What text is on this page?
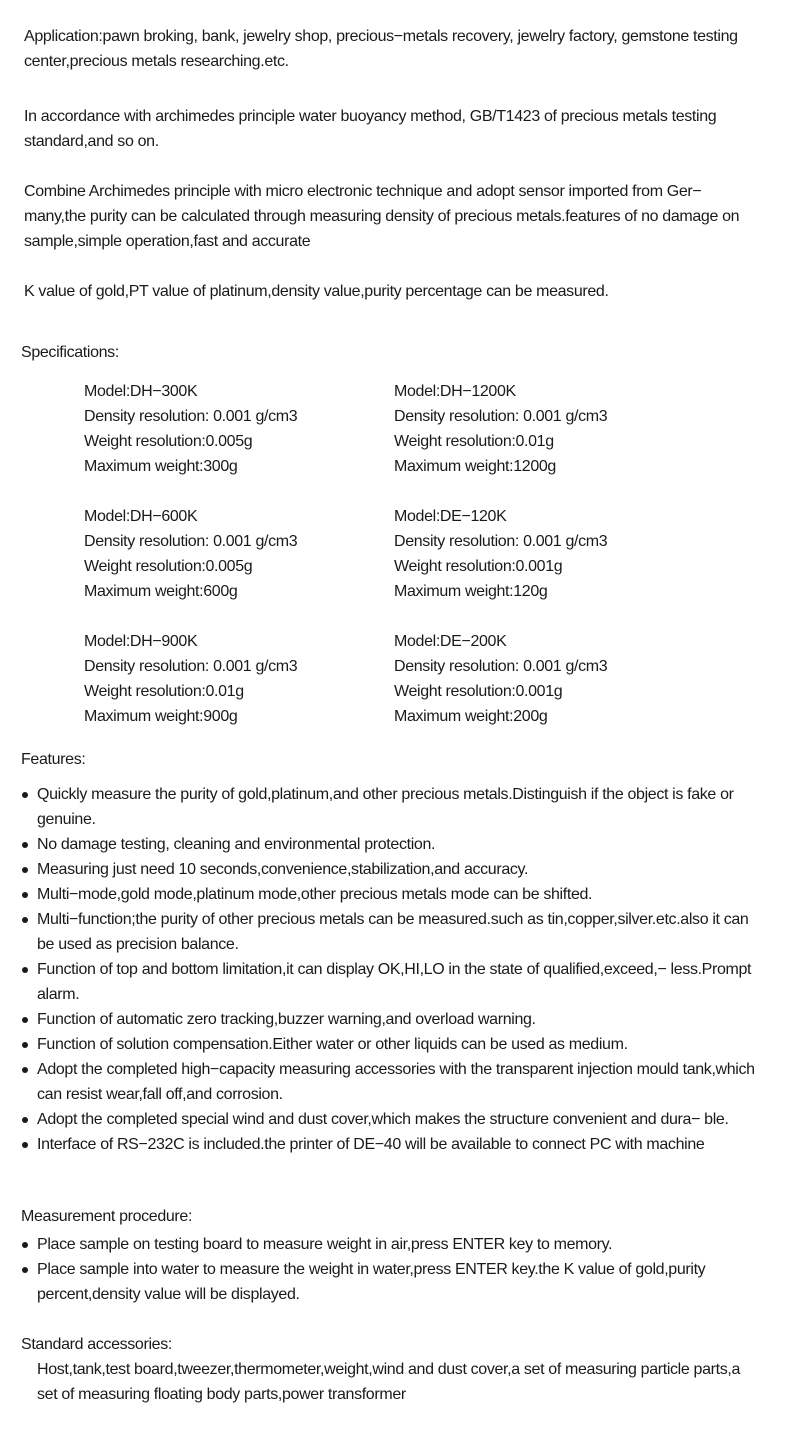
Application:pawn broking, bank, jewelry shop, precious−metals recovery, jewelry factory, gemstone testing center,precious metals researching.etc.
In accordance with archimedes principle water buoyancy method, GB/T1423 of precious metals testing standard,and so on.
Combine Archimedes principle with micro electronic technique and adopt sensor imported from Ger− many,the purity can be calculated through measuring density of precious metals.features of no damage on sample,simple operation,fast and accurate
K value of gold,PT value of platinum,density value,purity percentage can be measured.
Specifications:
Model:DH−300K
Density resolution: 0.001 g/cm3
Weight resolution:0.005g
Maximum weight:300g
Model:DH−1200K
Density resolution: 0.001 g/cm3
Weight resolution:0.01g
Maximum weight:1200g
Model:DH−600K
Density resolution: 0.001 g/cm3
Weight resolution:0.005g
Maximum weight:600g
Model:DE−120K
Density resolution: 0.001 g/cm3
Weight resolution:0.001g
Maximum weight:120g
Model:DH−900K
Density resolution: 0.001 g/cm3
Weight resolution:0.01g
Maximum weight:900g
Model:DE−200K
Density resolution: 0.001 g/cm3
Weight resolution:0.001g
Maximum weight:200g
Features:
Quickly measure the purity of gold,platinum,and other precious metals.Distinguish if the object is fake or genuine.
No damage testing, cleaning and environmental protection.
Measuring just need 10 seconds,convenience,stabilization,and accuracy.
Multi−mode,gold mode,platinum mode,other precious metals mode can be shifted.
Multi−function;the purity of other precious metals can be measured.such as tin,copper,silver.etc.also it can be used as precision balance.
Function of top and bottom limitation,it can display OK,HI,LO in the state of qualified,exceed,− less.Prompt alarm.
Function of automatic zero tracking,buzzer warning,and overload warning.
Function of solution compensation.Either water or other liquids can be used as medium.
Adopt the completed high−capacity measuring accessories with the transparent injection mould tank,which can resist wear,fall off,and corrosion.
Adopt the completed special wind and dust cover,which makes the structure convenient and dura− ble.
Interface of RS−232C is included.the printer of DE−40 will be available to connect PC with machine
Measurement procedure:
Place sample on testing board to measure weight in air,press ENTER key to memory.
Place sample into water to measure the weight in water,press ENTER key.the K value of gold,purity percent,density value will be displayed.
Standard accessories:
Host,tank,test board,tweezer,thermometer,weight,wind and dust cover,a set of measuring particle parts,a set of measuring floating body parts,power transformer
